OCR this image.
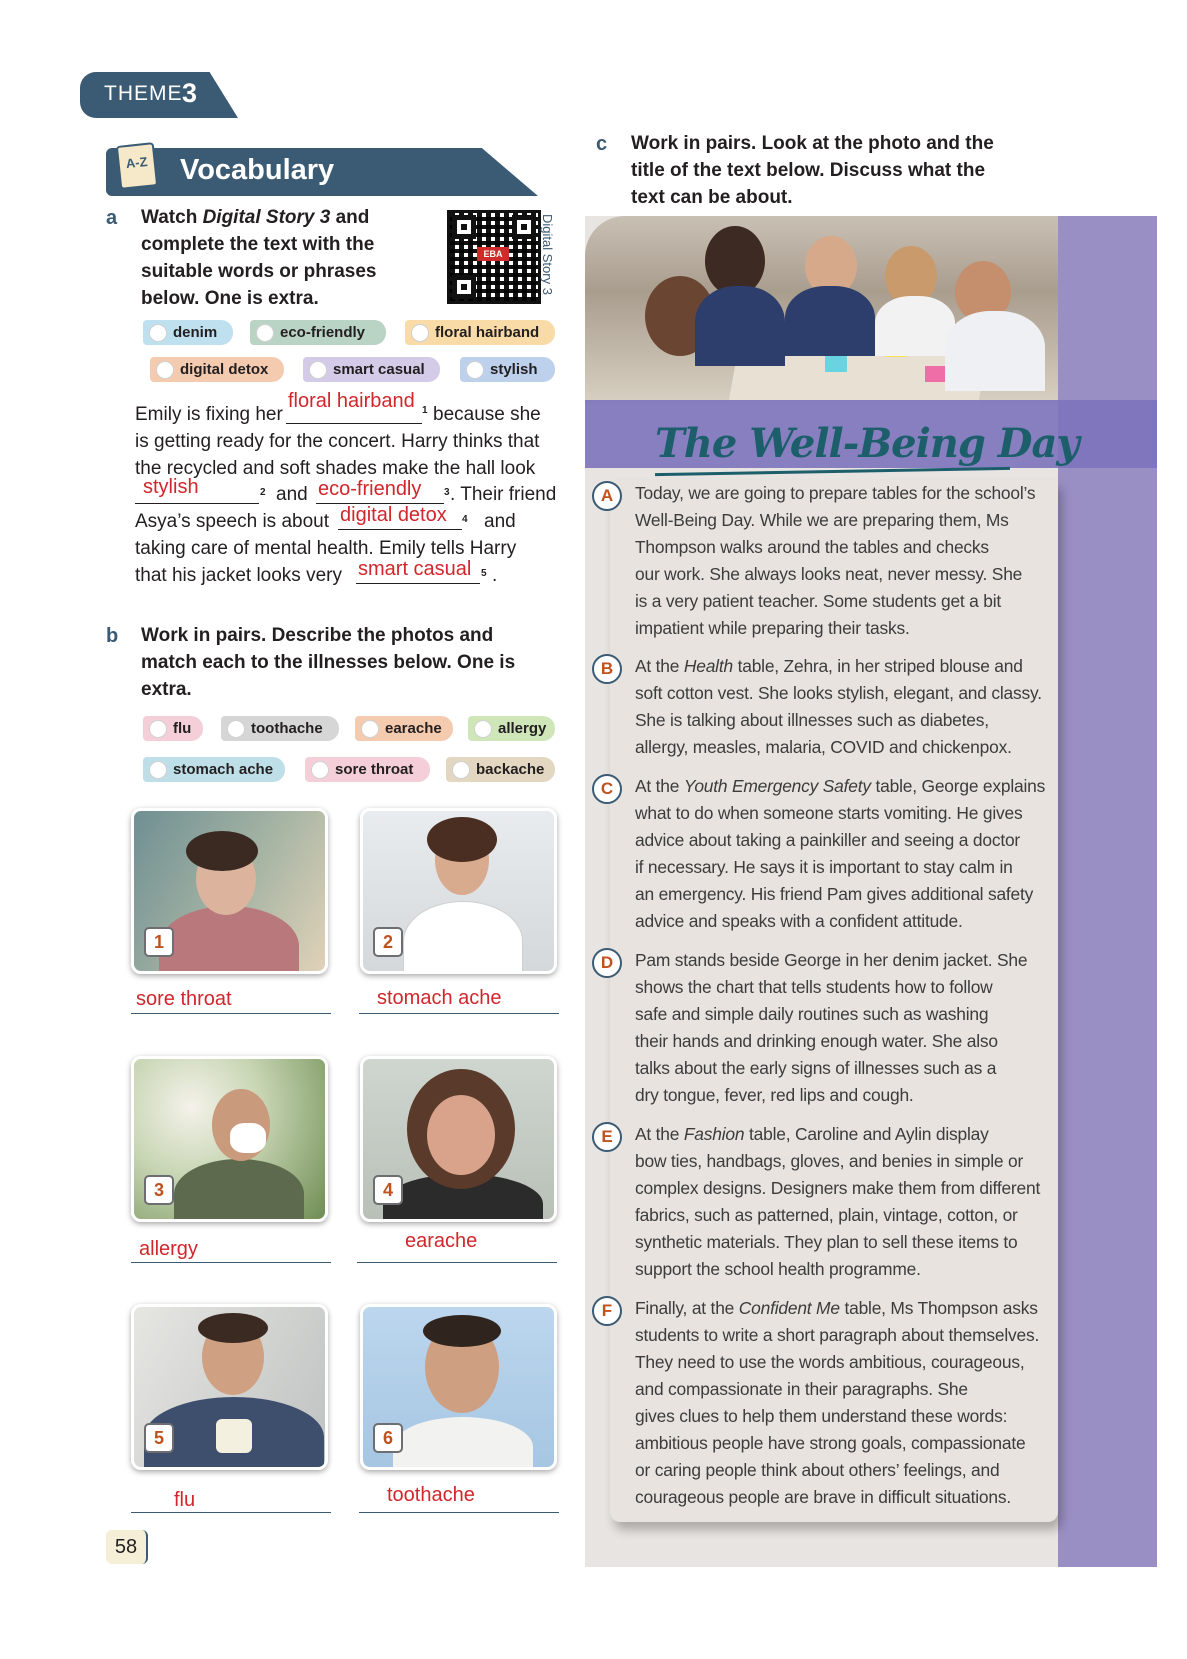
THEME 3
A-Z	Vocabulary
a Watch Digital Story 3 and
complete the text with the
suitable words or phrases
below. One is extra.
EBA	Digital Story 3
denim	eco-friendly	floral hairband
digital detox	smart casual	stylish
Emily is fixing her
floral hairband 1 because she
is getting ready for the concert. Harry thinks that
the recycled and soft shades make the hall look
stylish	2 and eco-friendly 3 . Their friend
Asya’s speech is about digital detox 4 and
taking care of mental health. Emily tells Harry
that his jacket looks very smart casual 5 .
b Work in pairs. Describe the photos and
match each to the illnesses below. One is
extra.
flu	toothache	earache	allergy
stomach ache	sore throat	backache
1
sore throat
2
stomach ache
3
allergy
4
earache
5
flu
6
toothache
58
c Work in pairs. Look at the photo and the
title of the text below. Discuss what the
text can be about.
The Well-Being Day
A	Today, we are going to prepare tables for the school’s
Well-Being Day. While we are preparing them, Ms
Thompson walks around the tables and checks
our work. She always looks neat, never messy. She
is a very patient teacher. Some students get a bit
impatient while preparing their tasks.
B	At the Health table, Zehra, in her striped blouse and
soft cotton vest. She looks stylish, elegant, and classy.
She is talking about illnesses such as diabetes,
allergy, measles, malaria, COVID and chickenpox.
C	At the Youth Emergency Safety table, George explains
what to do when someone starts vomiting. He gives
advice about taking a painkiller and seeing a doctor
if necessary. He says it is important to stay calm in
an emergency. His friend Pam gives additional safety
advice and speaks with a confident attitude.
D	Pam stands beside George in her denim jacket. She
shows the chart that tells students how to follow
safe and simple daily routines such as washing
their hands and drinking enough water. She also
talks about the early signs of illnesses such as a
dry tongue, fever, red lips and cough.
E	At the Fashion table, Caroline and Aylin display
bow ties, handbags, gloves, and benies in simple or
complex designs. Designers make them from different
fabrics, such as patterned, plain, vintage, cotton, or
synthetic materials. They plan to sell these items to
support the school health programme.
F	Finally, at the Confident Me table, Ms Thompson asks
students to write a short paragraph about themselves.
They need to use the words ambitious, courageous,
and compassionate in their paragraphs. She
gives clues to help them understand these words:
ambitious people have strong goals, compassionate
or caring people think about others’ feelings, and
courageous people are brave in difficult situations.
